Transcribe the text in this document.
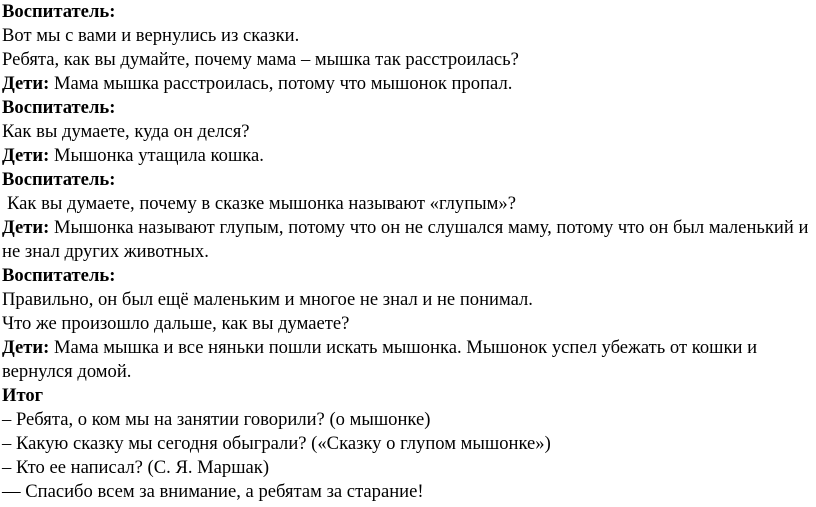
Воспитатель:

Вот мы с вами и вернулись из сказки.

Ребята, как вы думайте, почему мама – мышка так расстроилась?

Дети: Мама мышка расстроилась, потому что мышонок пропал.

Воспитатель:

Как вы думаете, куда он делся?

Дети: Мышонка утащила кошка.

Воспитатель:

Как вы думаете, почему в сказке мышонка называют «глупым»?

Дети: Мышонка называют глупым, потому что он не слушался маму, потому что он был маленький и не знал других животных.

Воспитатель:

Правильно, он был ещё маленьким и многое не знал и не понимал.

Что же произошло дальше, как вы думаете?

Дети: Мама мышка и все няньки пошли искать мышонка. Мышонок успел убежать от кошки и вернулся домой.

Итог

– Ребята, о ком мы на занятии говорили? (о мышонке)

– Какую сказку мы сегодня обыграли? («Сказку о глупом мышонке»)

– Кто ее написал? (С. Я. Маршак)

— Спасибо всем за внимание, а ребятам за старание!
